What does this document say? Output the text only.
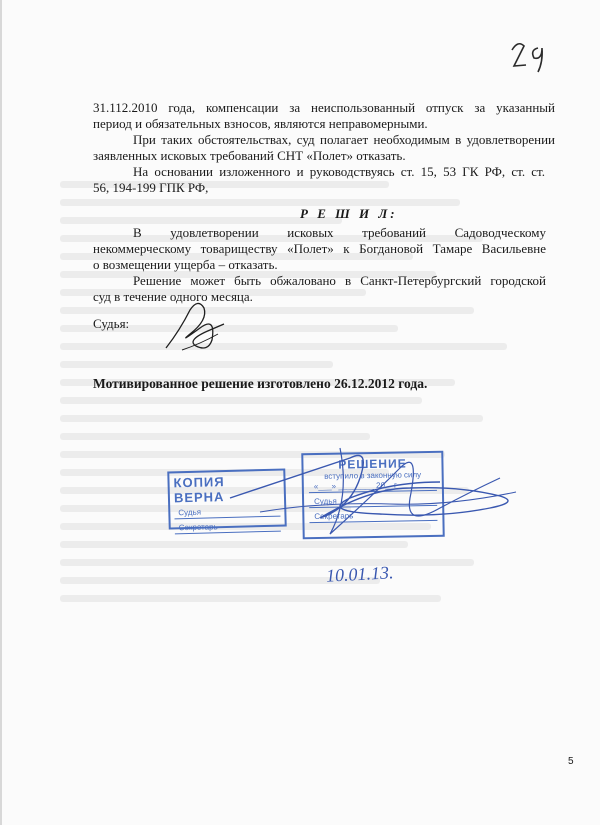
31.112.2010 года, компенсации за неиспользованный отпуск за указанный
период и обязательных взносов, являются неправомерными.
При таких обстоятельствах, суд полагает необходимым в удовлетворении
заявленных исковых требований СНТ «Полет» отказать.
На основании изложенного и руководствуясь ст. 15, 53 ГК РФ, ст. ст.
56, 194-199 ГПК РФ,
Р Е Ш И Л:
В удовлетворении исковых требований Садоводческому
некоммерческому товариществу «Полет» к Богдановой Тамаре Васильевне
о возмещении ущерба – отказать.
Решение может быть обжаловано в Санкт-Петербургский городской
суд в течение одного месяца.
Судья:
Мотивированное решение изготовлено 26.12.2012 года.
КОПИЯ ВЕРНА
Судья
Секретарь
РЕШЕНИЕ
вступило в законную силу
«___» ________ 20__г
Судья
Секретарь
10.01.13.
5
